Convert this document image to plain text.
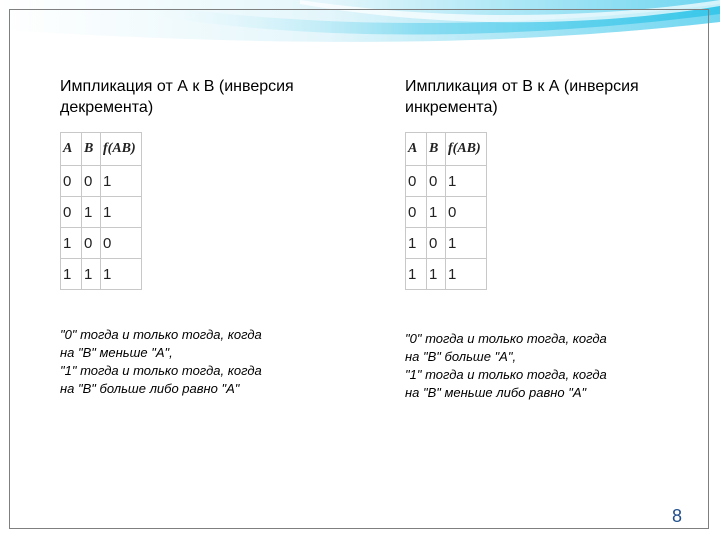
Импликация от А к В (инверсия
декремента)

A	B	f(AB)
0	0	1
0	1	1
1	0	0
1	1	1
"0" тогда и только тогда, когда
на "В" меньше "А",
"1" тогда и только тогда, когда
на "В" больше либо равно "А"

Импликация от В к А (инверсия
инкремента)

A	B	f(AB)
0	0	1
0	1	0
1	0	1
1	1	1
"0" тогда и только тогда, когда
на "В" больше "А",
"1" тогда и только тогда, когда
на "В" меньше либо равно "А"
8
